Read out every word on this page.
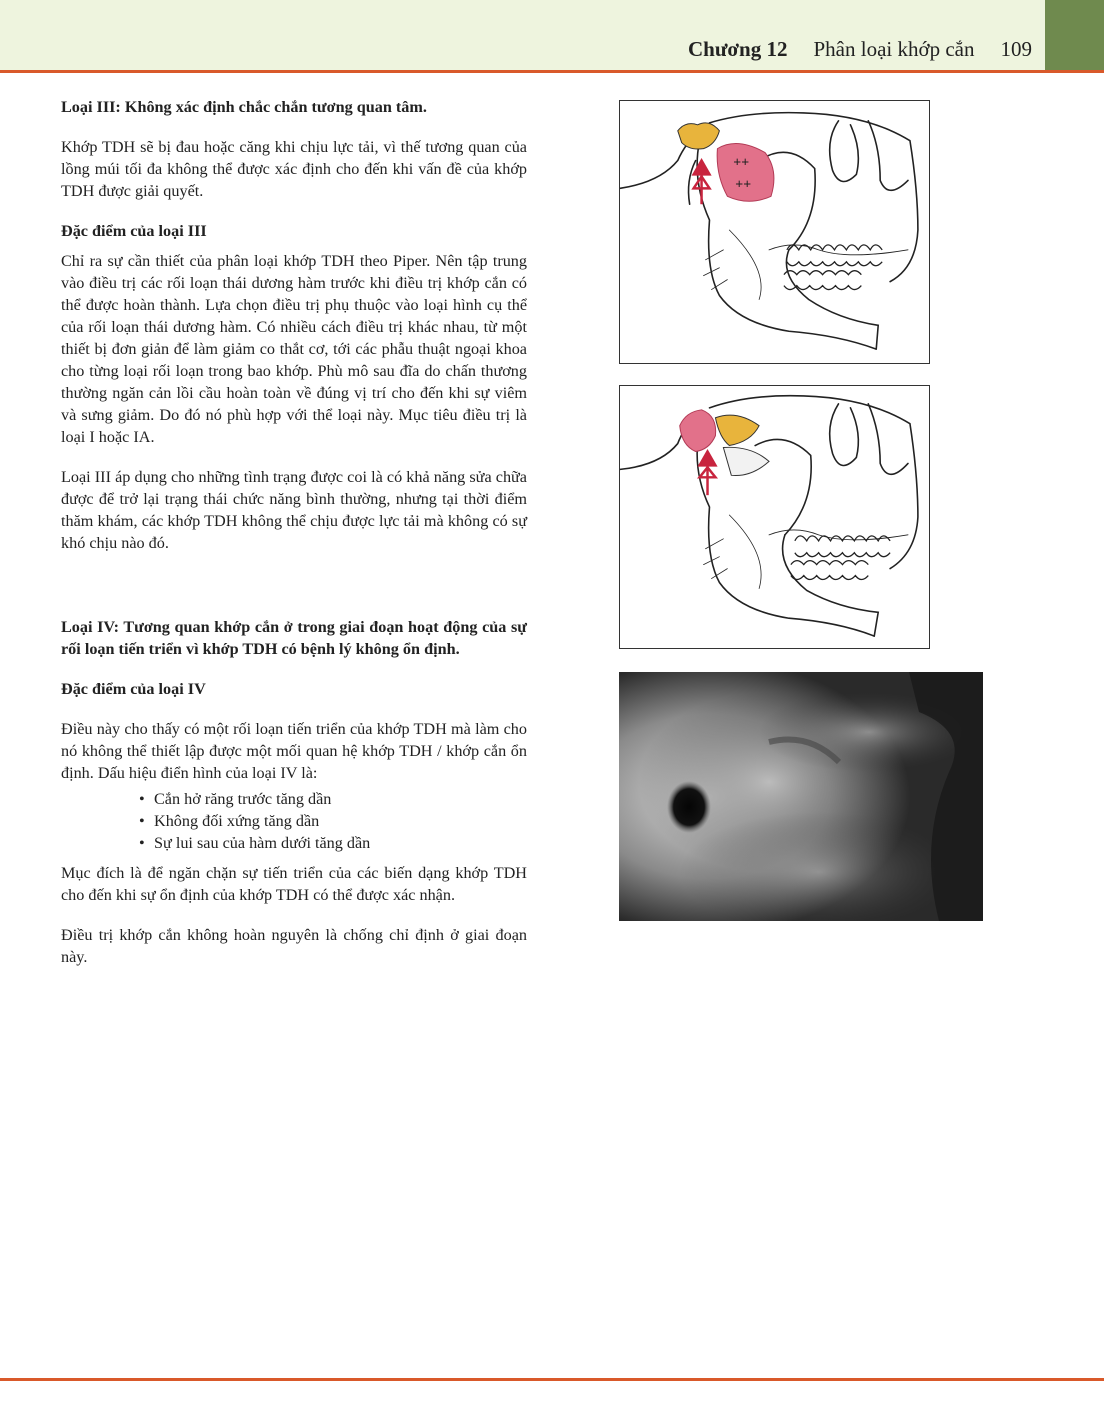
Chương 12 Phân loại khớp cắn 109

Loại III: Không xác định chắc chắn tương quan tâm.

Khớp TDH sẽ bị đau hoặc căng khi chịu lực tải, vì thế tương quan của lồng múi tối đa không thể được xác định cho đến khi vấn đề của khớp TDH được giải quyết.

Đặc điểm của loại III

Chỉ ra sự cần thiết của phân loại khớp TDH theo Piper. Nên tập trung vào điều trị các rối loạn thái dương hàm trước khi điều trị khớp cắn có thể được hoàn thành. Lựa chọn điều trị phụ thuộc vào loại hình cụ thể của rối loạn thái dương hàm. Có nhiều cách điều trị khác nhau, từ một thiết bị đơn giản để làm giảm co thắt cơ, tới các phẫu thuật ngoại khoa cho từng loại rối loạn trong bao khớp. Phù mô sau đĩa do chấn thương thường ngăn cản lồi cầu hoàn toàn về đúng vị trí cho đến khi sự viêm và sưng giảm. Do đó nó phù hợp với thể loại này. Mục tiêu điều trị là loại I hoặc IA.

Loại III áp dụng cho những tình trạng được coi là có khả năng sửa chữa được để trở lại trạng thái chức năng bình thường, nhưng tại thời điểm thăm khám, các khớp TDH không thể chịu được lực tải mà không có sự khó chịu nào đó.

Loại IV: Tương quan khớp cắn ở trong giai đoạn hoạt động của sự rối loạn tiến triển vì khớp TDH có bệnh lý không ổn định.

Đặc điểm của loại IV

Điều này cho thấy có một rối loạn tiến triển của khớp TDH mà làm cho nó không thể thiết lập được một mối quan hệ khớp TDH / khớp cắn ổn định. Dấu hiệu điển hình của loại IV là:

• Cắn hở răng trước tăng dần
• Không đối xứng tăng dần
• Sự lui sau của hàm dưới tăng dần

Mục đích là để ngăn chặn sự tiến triển của các biến dạng khớp TDH cho đến khi sự ổn định của khớp TDH có thể được xác nhận.

Điều trị khớp cắn không hoàn nguyên là chống chỉ định ở giai đoạn này.

++
++
